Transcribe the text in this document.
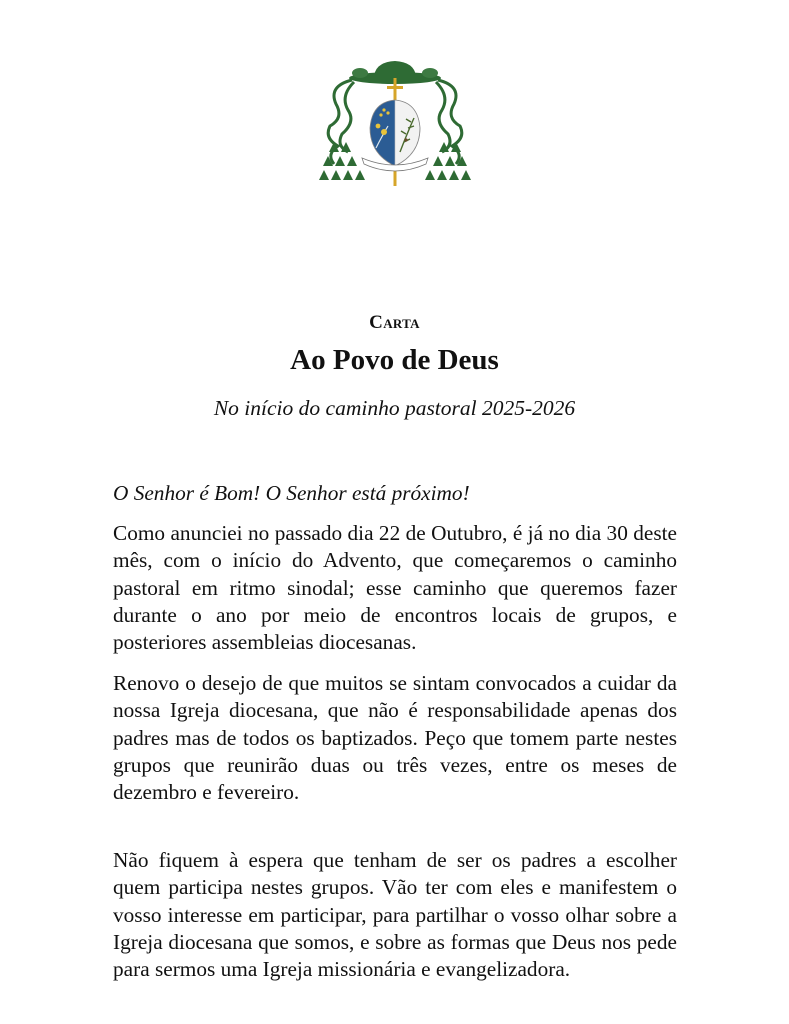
Carta
Ao Povo de Deus
No início do caminho pastoral 2025-2026
O Senhor é Bom! O Senhor está próximo!

Como anunciei no passado dia 22 de Outubro, é já no dia 30 deste mês, com o início do Advento, que começaremos o caminho pastoral em ritmo sinodal; esse caminho que queremos fazer durante o ano por meio de encontros locais de grupos, e posteriores assembleias diocesanas.

Renovo o desejo de que muitos se sintam convocados a cuidar da nossa Igreja diocesana, que não é responsabilidade apenas dos padres mas de todos os baptizados. Peço que tomem parte nestes grupos que reunirão duas ou três vezes, entre os meses de dezembro e fevereiro.

Não fiquem à espera que tenham de ser os padres a escolher quem participa nestes grupos. Vão ter com eles e manifestem o vosso interesse em participar, para partilhar o vosso olhar sobre a Igreja diocesana que somos, e sobre as formas que Deus nos pede para sermos uma Igreja missionária e evangelizadora.
